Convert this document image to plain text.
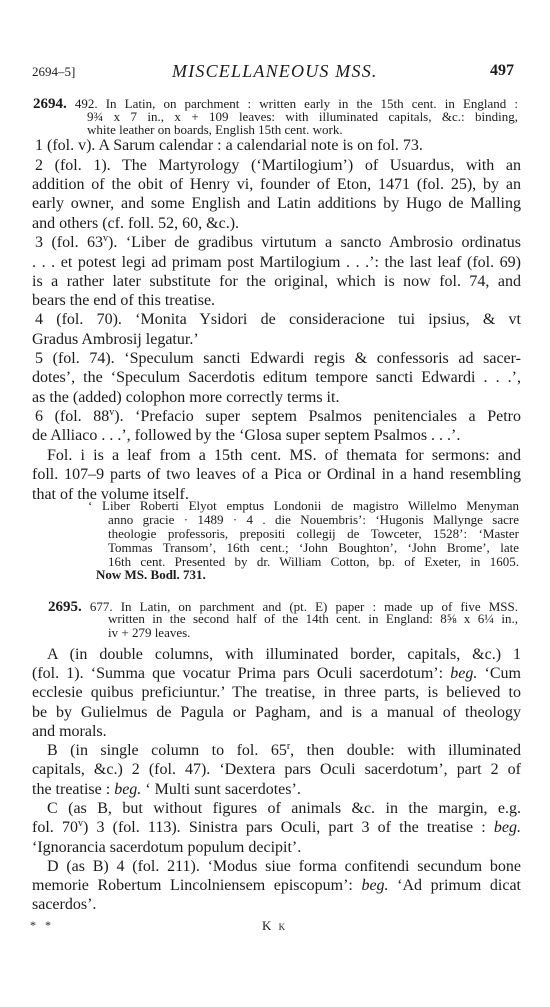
2694–5]	MISCELLANEOUS MSS.	497
2694. 492. In Latin, on parchment : written early in the 15th cent. in England :
9¾ x 7 in., x + 109 leaves: with illuminated capitals, &c.: binding,
white leather on boards, English 15th cent. work.
1 (fol. v). A Sarum calendar : a calendarial note is on fol. 73.
2 (fol. 1). The Martyrology (‘Martilogium’) of Usuardus, with an
addition of the obit of Henry vi, founder of Eton, 1471 (fol. 25), by an
early owner, and some English and Latin additions by Hugo de Malling
and others (cf. foll. 52, 60, &c.).
3 (fol. 63$^v$). ‘Liber de gradibus virtutum a sancto Ambrosio ordinatus
. . . et potest legi ad primam post Martilogium . . .’: the last leaf (fol. 69)
is a rather later substitute for the original, which is now fol. 74, and
bears the end of this treatise.
4 (fol. 70). ‘Monita Ysidori de consideracione tui ipsius, & vt
Gradus Ambrosij legatur.’
5 (fol. 74). ‘Speculum sancti Edwardi regis & confessoris ad sacer-
dotes’, the ‘Speculum Sacerdotis editum tempore sancti Edwardi . . .’,
as the (added) colophon more correctly terms it.
6 (fol. 88$^v$). ‘Prefacio super septem Psalmos penitenciales a Petro
de Alliaco . . .’, followed by the ‘Glosa super septem Psalmos . . .’.
Fol. i is a leaf from a 15th cent. MS. of themata for sermons: and
foll. 107–9 parts of two leaves of a Pica or Ordinal in a hand resembling
that of the volume itself.
‘ Liber Roberti Elyot emptus Londonii de magistro Willelmo Menyman
anno gracie · 1489 · 4 . die Nouembris’: ‘Hugonis Mallynge sacre
theologie professoris, prepositi collegij de Towceter, 1528’: ‘Master
Tommas Transom’, 16th cent.; ‘John Boughton’, ‘John Brome’, late
16th cent. Presented by dr. William Cotton, bp. of Exeter, in 1605.
Now MS. Bodl. 731.
2695. 677. In Latin, on parchment and (pt. E) paper : made up of five MSS.
written in the second half of the 14th cent. in England: 8⅝ x 6¼ in.,
iv + 279 leaves.
A (in double columns, with illuminated border, capitals, &c.) 1
(fol. 1). ‘Summa que vocatur Prima pars Oculi sacerdotum’: beg. ‘Cum
ecclesie quibus preficiuntur.’ The treatise, in three parts, is believed to
be by Gulielmus de Pagula or Pagham, and is a manual of theology
and morals.
B (in single column to fol. 65$^r$, then double: with illuminated
capitals, &c.) 2 (fol. 47). ‘Dextera pars Oculi sacerdotum’, part 2 of
the treatise : beg. ‘ Multi sunt sacerdotes’.
C (as B, but without figures of animals &c. in the margin, e.g.
fol. 70$^v$) 3 (fol. 113). Sinistra pars Oculi, part 3 of the treatise : beg.
‘Ignorancia sacerdotum populum decipit’.
D (as B) 4 (fol. 211). ‘Modus siue forma confitendi secundum bone
memorie Robertum Lincolniensem episcopum’: beg. ‘Ad primum dicat
sacerdos’.
* *	K k
